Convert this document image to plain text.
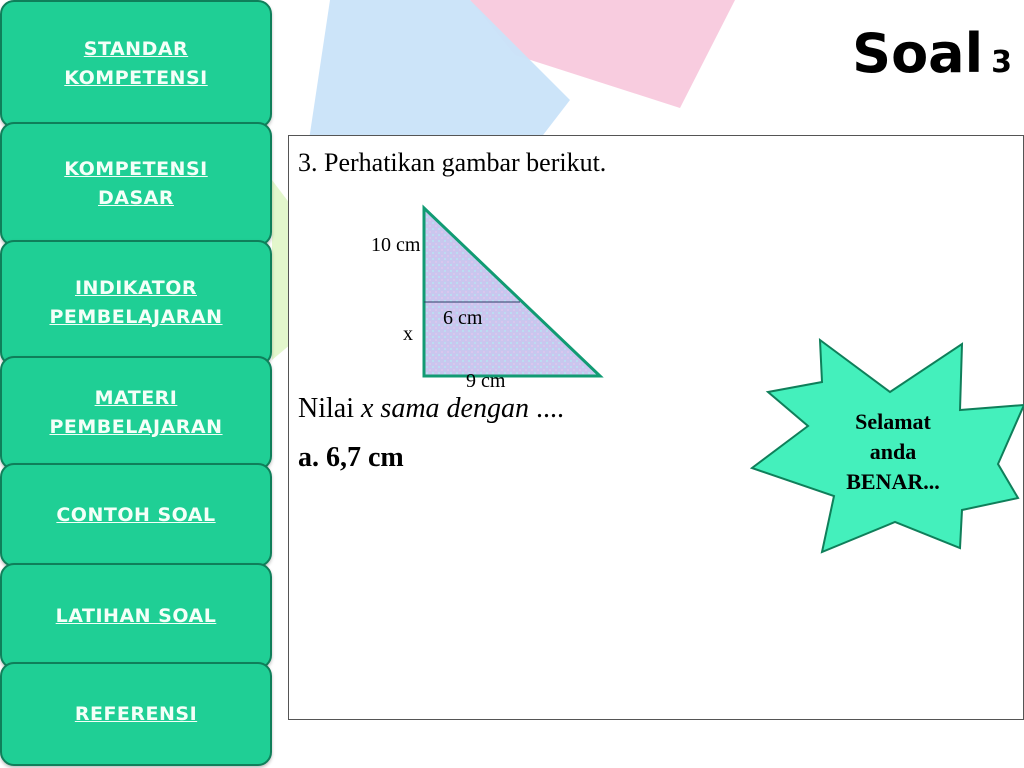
STANDAR
KOMPETENSI
KOMPETENSI
DASAR
INDIKATOR
PEMBELAJARAN
MATERI
PEMBELAJARAN
CONTOH SOAL
LATIHAN SOAL
REFERENSI
Soal 3
3. Perhatikan gambar berikut.
10 cm
6 cm
x
9 cm
Nilai x sama dengan ....
a. 6,7 cm
Selamat
anda
BENAR...
